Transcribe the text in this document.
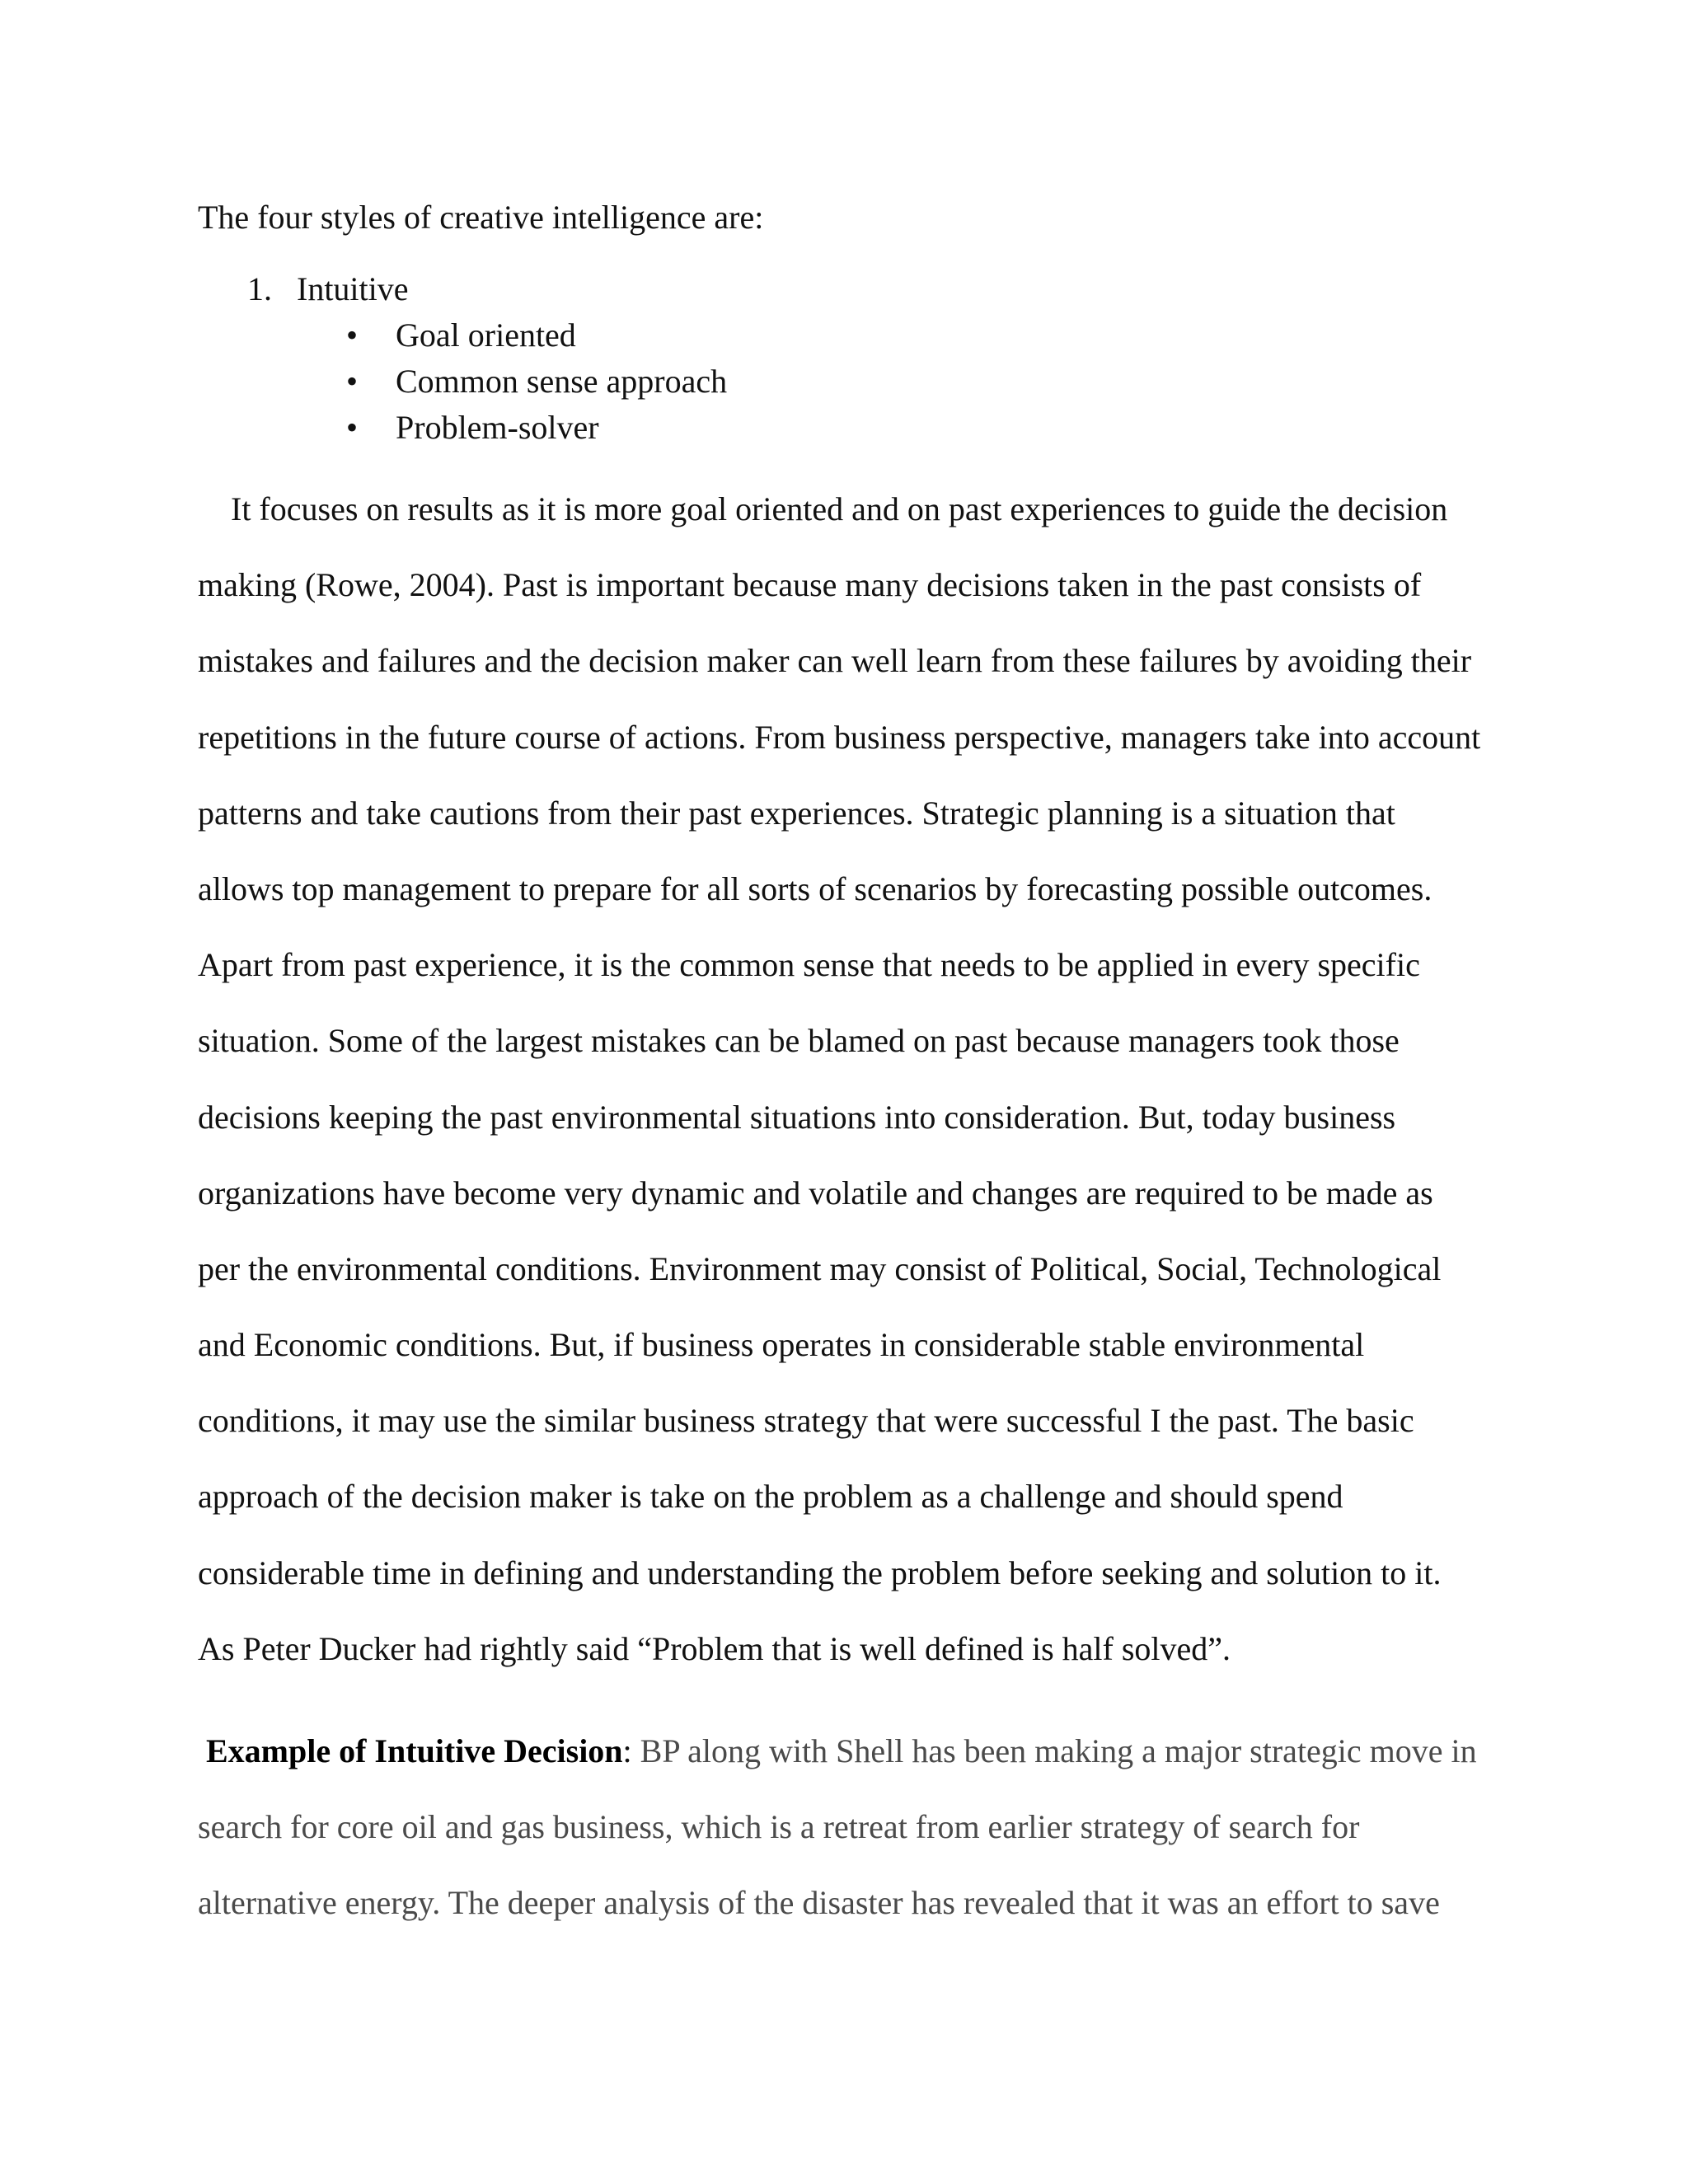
The four styles of creative intelligence are:
1. Intuitive
• Goal oriented
• Common sense approach
• Problem-solver
It focuses on results as it is more goal oriented and on past experiences to guide the decision
making (Rowe, 2004). Past is important because many decisions taken in the past consists of
mistakes and failures and the decision maker can well learn from these failures by avoiding their
repetitions in the future course of actions. From business perspective, managers take into account
patterns and take cautions from their past experiences. Strategic planning is a situation that
allows top management to prepare for all sorts of scenarios by forecasting possible outcomes.
Apart from past experience, it is the common sense that needs to be applied in every specific
situation. Some of the largest mistakes can be blamed on past because managers took those
decisions keeping the past environmental situations into consideration. But, today business
organizations have become very dynamic and volatile and changes are required to be made as
per the environmental conditions. Environment may consist of Political, Social, Technological
and Economic conditions. But, if business operates in considerable stable environmental
conditions, it may use the similar business strategy that were successful I the past. The basic
approach of the decision maker is take on the problem as a challenge and should spend
considerable time in defining and understanding the problem before seeking and solution to it.
As Peter Ducker had rightly said “Problem that is well defined is half solved”.
Example of Intuitive Decision: BP along with Shell has been making a major strategic move in
search for core oil and gas business, which is a retreat from earlier strategy of search for
alternative energy. The deeper analysis of the disaster has revealed that it was an effort to save
